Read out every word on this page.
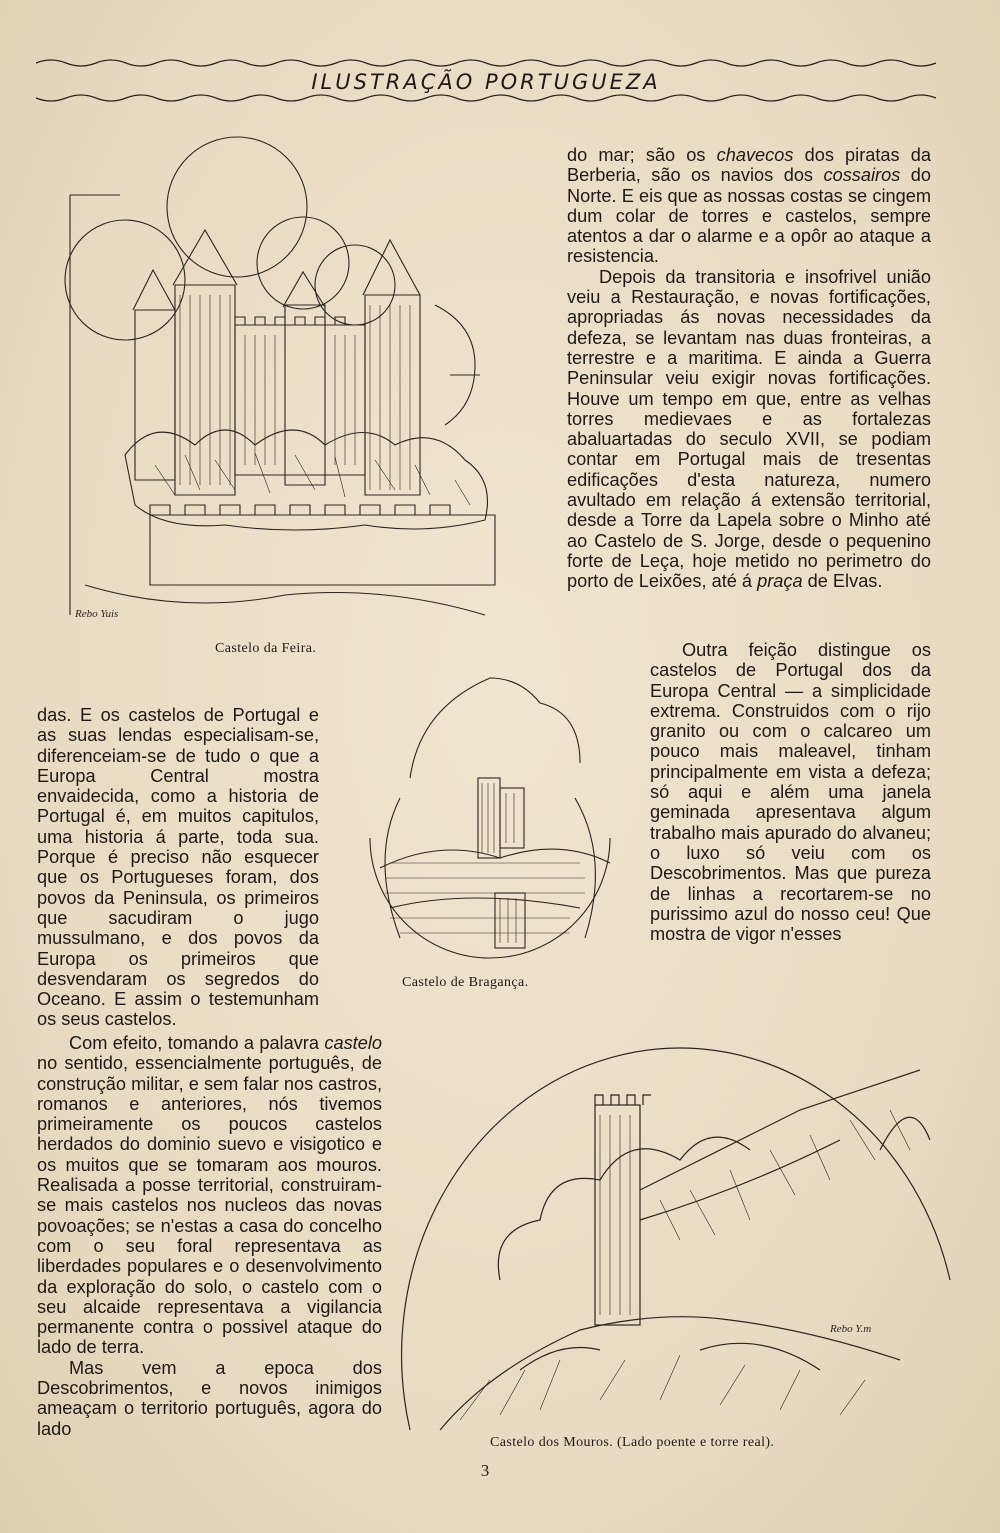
ILUSTRAÇÃO PORTUGUEZA
Rebo Yuis
Castelo da Feira.
Castelo de Bragança.
Rebo Y.m
Castelo dos Mouros. (Lado poente e torre real).

do mar; são os chavecos dos piratas da Berberia, são os navios dos cossairos do Norte. E eis que as nossas costas se cingem dum colar de torres e castelos, sempre atentos a dar o alarme e a opôr ao ataque a resistencia.

Depois da transitoria e insofrivel união veiu a Restauração, e novas fortificações, apropriadas ás novas necessidades da defeza, se levantam nas duas fronteiras, a terrestre e a maritima. E ainda a Guerra Peninsular veiu exigir novas fortificações. Houve um tempo em que, entre as velhas torres medievaes e as fortalezas abaluartadas do seculo XVII, se podiam contar em Portugal mais de tresentas edificações d'esta natureza, numero avultado em relação á extensão territorial, desde a Torre da Lapela sobre o Minho até ao Castelo de S. Jorge, desde o pequenino forte de Leça, hoje metido no perimetro do porto de Leixões, até á praça de Elvas.

Outra feição distingue os castelos de Portugal dos da Europa Central — a simplicidade extrema. Construidos com o rijo granito ou com o calcareo um pouco mais maleavel, tinham principalmente em vista a defeza; só aqui e além uma janela geminada apresentava algum trabalho mais apurado do alvaneu; o luxo só veiu com os Descobrimentos. Mas que pureza de linhas a recortarem-se no purissimo azul do nosso ceu! Que mostra de vigor n'esses

das. E os castelos de Portugal e as suas lendas especialisam-se, diferenceiam-se de tudo o que a Europa Central mostra envaidecida, como a historia de Portugal é, em muitos capitulos, uma historia á parte, toda sua. Porque é preciso não esquecer que os Portugueses foram, dos povos da Peninsula, os primeiros que sacudiram o jugo mussulmano, e dos povos da Europa os primeiros que desvendaram os segredos do Oceano. E assim o testemunham os seus castelos.

Com efeito, tomando a palavra castelo no sentido, essencialmente português, de construção militar, e sem falar nos castros, romanos e anteriores, nós tivemos primeiramente os poucos castelos herdados do dominio suevo e visigotico e os muitos que se tomaram aos mouros. Realisada a posse territorial, construiram-se mais castelos nos nucleos das novas povoações; se n'estas a casa do concelho com o seu foral representava as liberdades populares e o desenvolvimento da exploração do solo, o castelo com o seu alcaide representava a vigilancia permanente contra o possivel ataque do lado de terra.

Mas vem a epoca dos Descobrimentos, e novos inimigos ameaçam o territorio português, agora do lado

3
